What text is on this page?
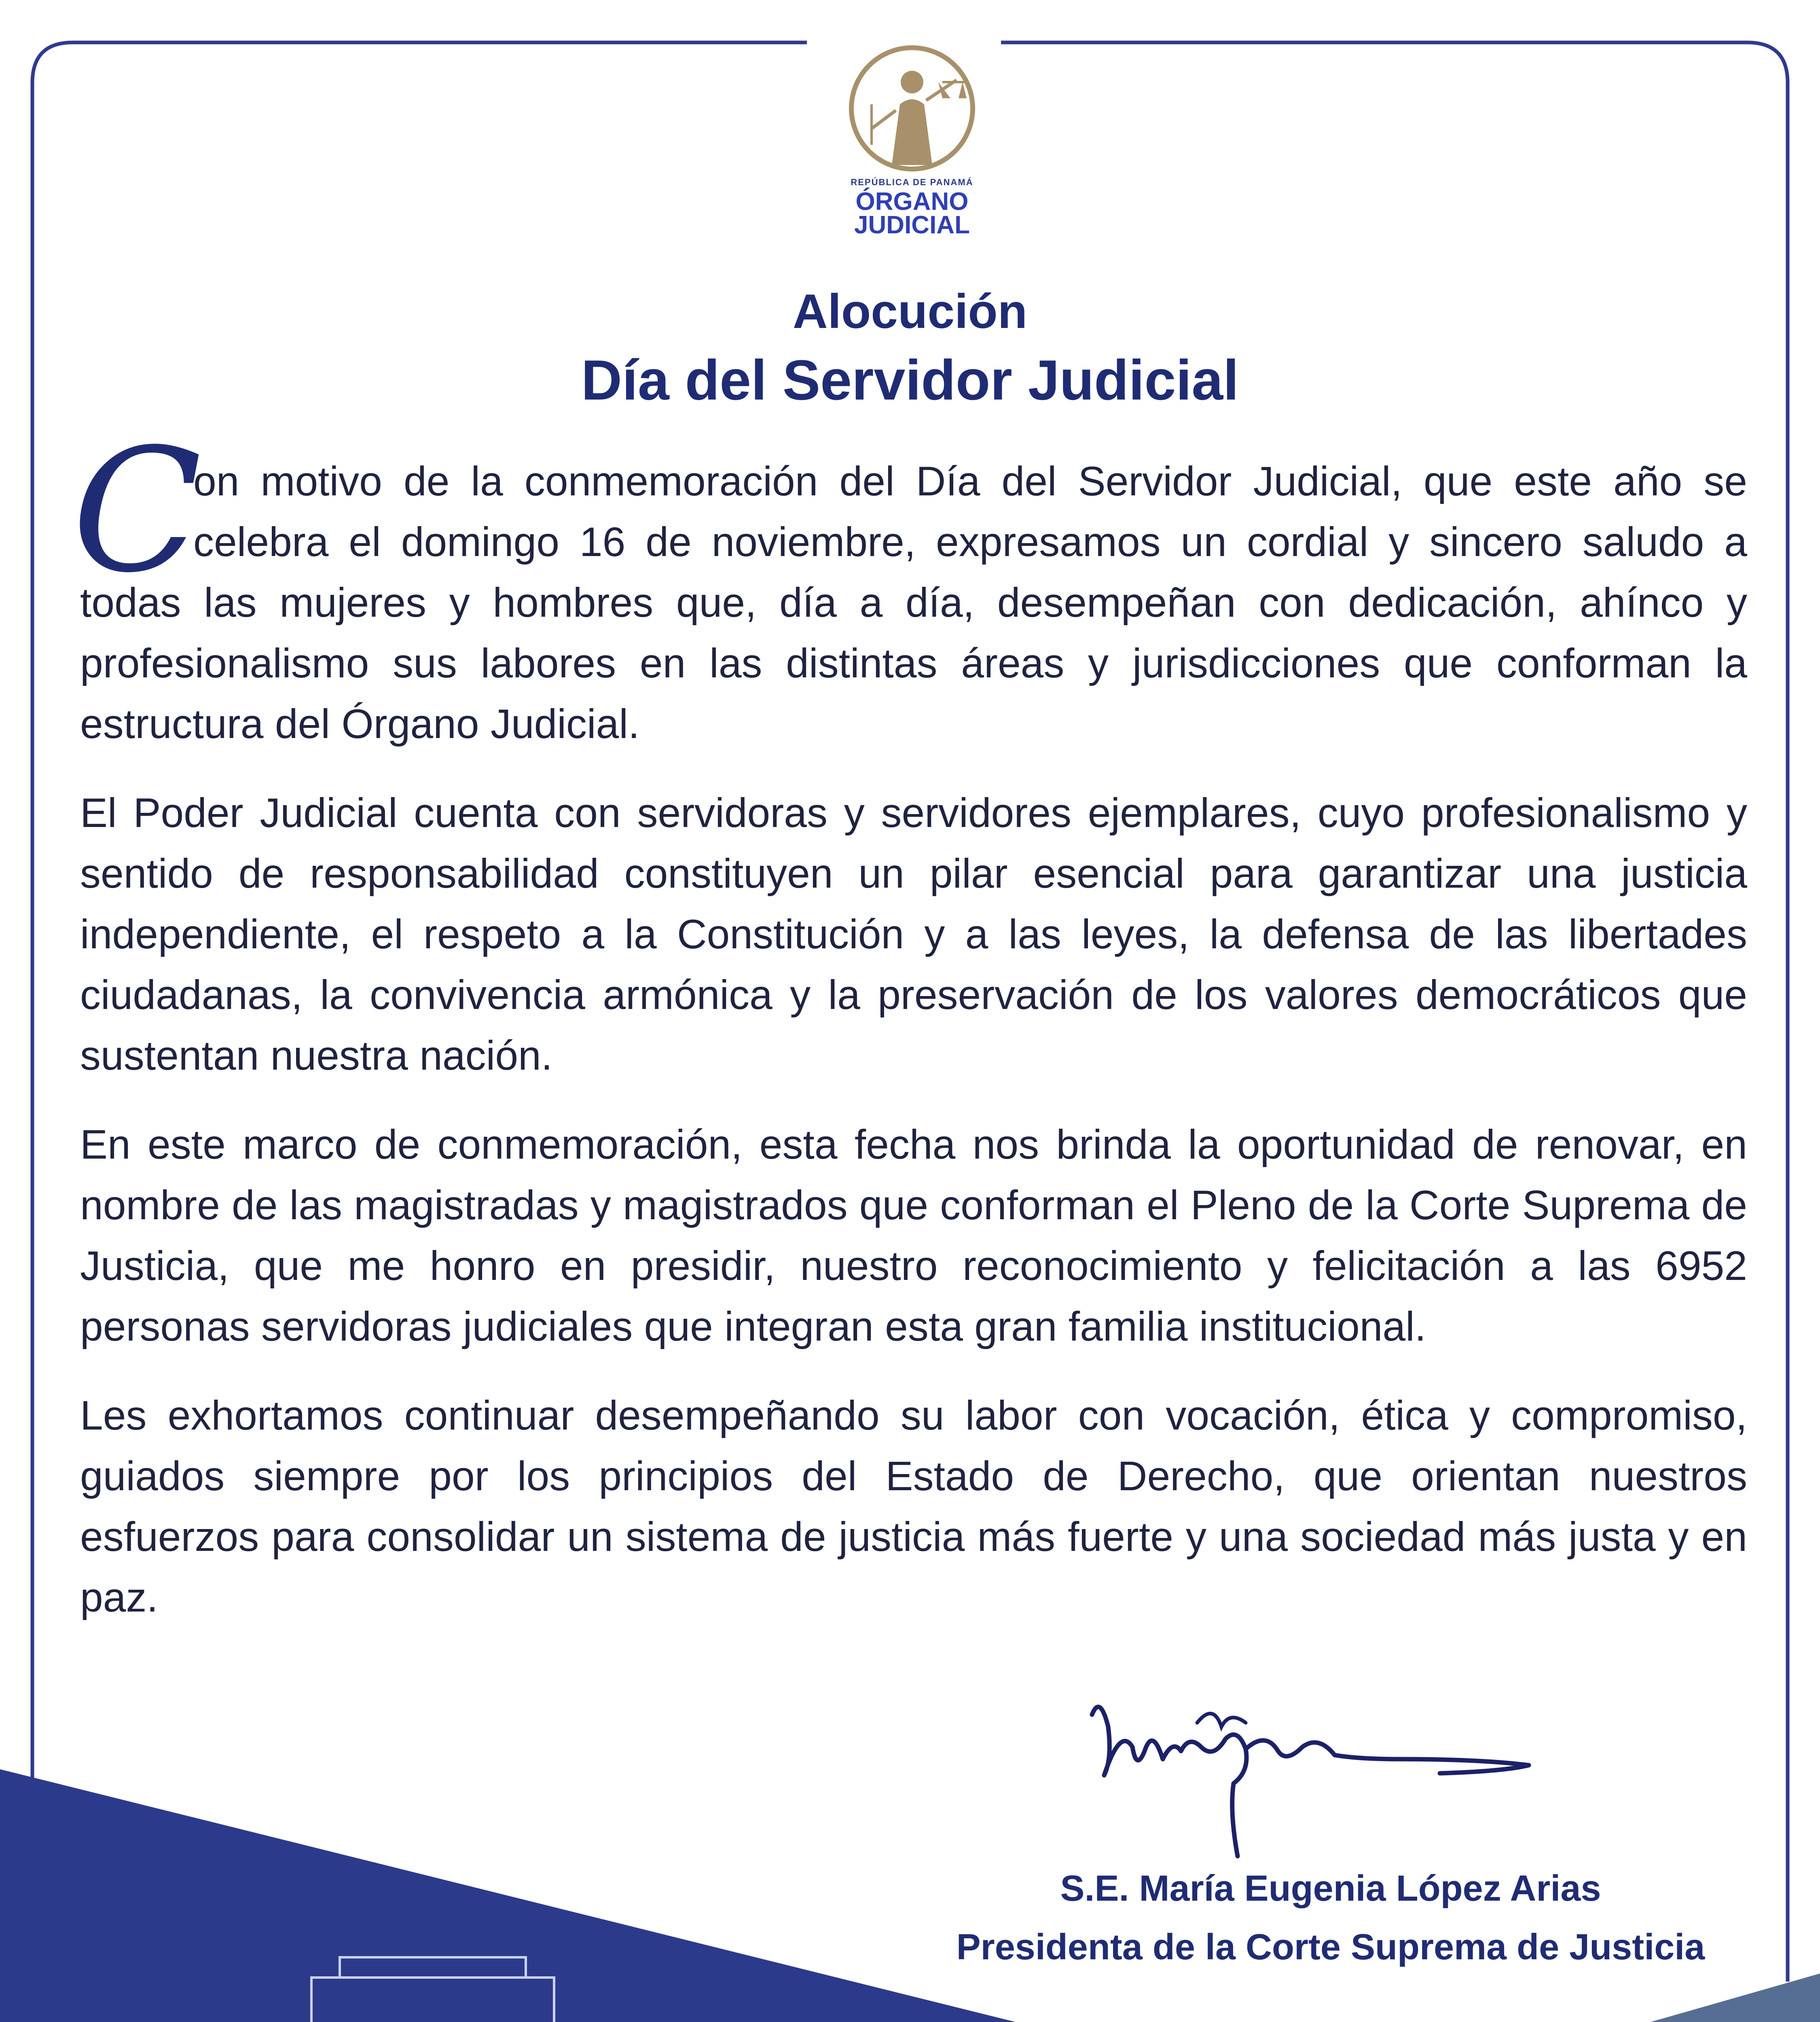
REPÚBLICA DE PANAMÁ
ÓRGANO
JUDICIAL
Alocución
Día del Servidor Judicial

C
on motivo de la conmemoración del Día del Servidor Judicial, que este año se celebra el domingo 16 de noviembre, expresamos un cordial y sincero saludo a todas las mujeres y hombres que, día a día, desempeñan con dedicación, ahínco y profesionalismo sus labores en las distintas áreas y jurisdicciones que conforman la estructura del Órgano Judicial.

El Poder Judicial cuenta con servidoras y servidores ejemplares, cuyo profesionalismo y sentido de responsabilidad constituyen un pilar esencial para garantizar una justicia independiente, el respeto a la Constitución y a las leyes, la defensa de las libertades ciudadanas, la convivencia armónica y la preservación de los valores democráticos que sustentan nuestra nación.

En este marco de conmemoración, esta fecha nos brinda la oportunidad de renovar, en nombre de las magistradas y magistrados que conforman el Pleno de la Corte Suprema de Justicia, que me honro en presidir, nuestro reconocimiento y felicitación a las 6952 personas servidoras judiciales que integran esta gran familia institucional.

Les exhortamos continuar desempeñando su labor con vocación, ética y compromiso, guiados siempre por los principios del Estado de Derecho, que orientan nuestros esfuerzos para consolidar un sistema de justicia más fuerte y una sociedad más justa y en paz.

S.E. María Eugenia López Arias
Presidenta de la Corte Suprema de Justicia
